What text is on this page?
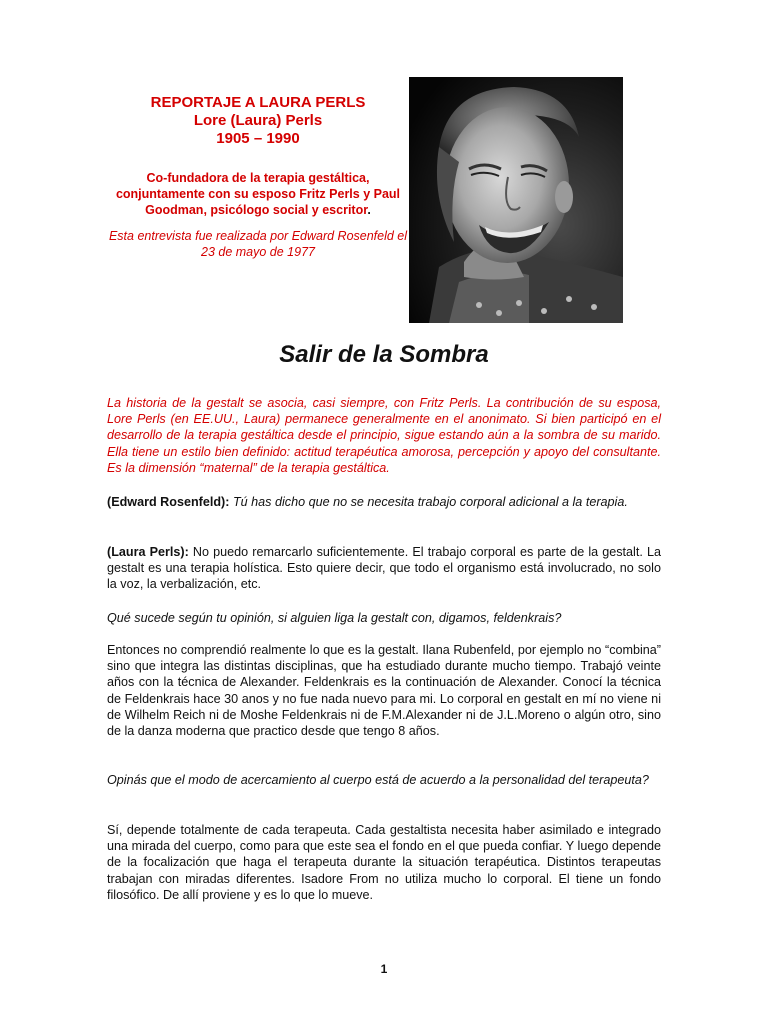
REPORTAJE A LAURA PERLS
Lore (Laura) Perls
1905 – 1990
Co-fundadora de la terapia gestáltica, conjuntamente con su esposo Fritz Perls y Paul Goodman, psicólogo social y escritor.
Esta entrevista fue realizada por Edward Rosenfeld el 23 de mayo de 1977
Salir de la Sombra

La historia de la gestalt se asocia, casi siempre, con Fritz Perls. La contribución de su esposa, Lore Perls (en EE.UU., Laura) permanece generalmente en el anonimato. Si bien participó en el desarrollo de la terapia gestáltica desde el principio, sigue estando aún a la sombra de su marido. Ella tiene un estilo bien definido: actitud terapéutica amorosa, percepción y apoyo del consultante. Es la dimensión “maternal” de la terapia gestáltica.

(Edward Rosenfeld): Tú has dicho que no se necesita trabajo corporal adicional a la terapia.

(Laura Perls): No puedo remarcarlo suficientemente. El trabajo corporal es parte de la gestalt. La gestalt es una terapia holística. Esto quiere decir, que todo el organismo está involucrado, no solo la voz, la verbalización, etc.

Qué sucede según tu opinión, si alguien liga la gestalt con, digamos, feldenkrais?

Entonces no comprendió realmente lo que es la gestalt. Ilana Rubenfeld, por ejemplo no “combina” sino que integra las distintas disciplinas, que ha estudiado durante mucho tiempo. Trabajó veinte años con la técnica de Alexander. Feldenkrais es la continuación de Alexander. Conocí la técnica de Feldenkrais hace 30 anos y no fue nada nuevo para mi. Lo corporal en gestalt en mí no viene ni de Wilhelm Reich ni de Moshe Feldenkrais ni de F.M.Alexander ni de J.L.Moreno o algún otro, sino de la danza moderna que practico desde que tengo 8 años.

Opinás que el modo de acercamiento al cuerpo está de acuerdo a la personalidad del terapeuta?

Sí, depende totalmente de cada terapeuta. Cada gestaltista necesita haber asimilado e integrado una mirada del cuerpo, como para que este sea el fondo en el que pueda confiar. Y luego depende de la focalización que haga el terapeuta durante la situación terapéutica. Distintos terapeutas trabajan con miradas diferentes. Isadore From no utiliza mucho lo corporal. El tiene un fondo filosófico. De allí proviene y es lo que lo mueve.

1
